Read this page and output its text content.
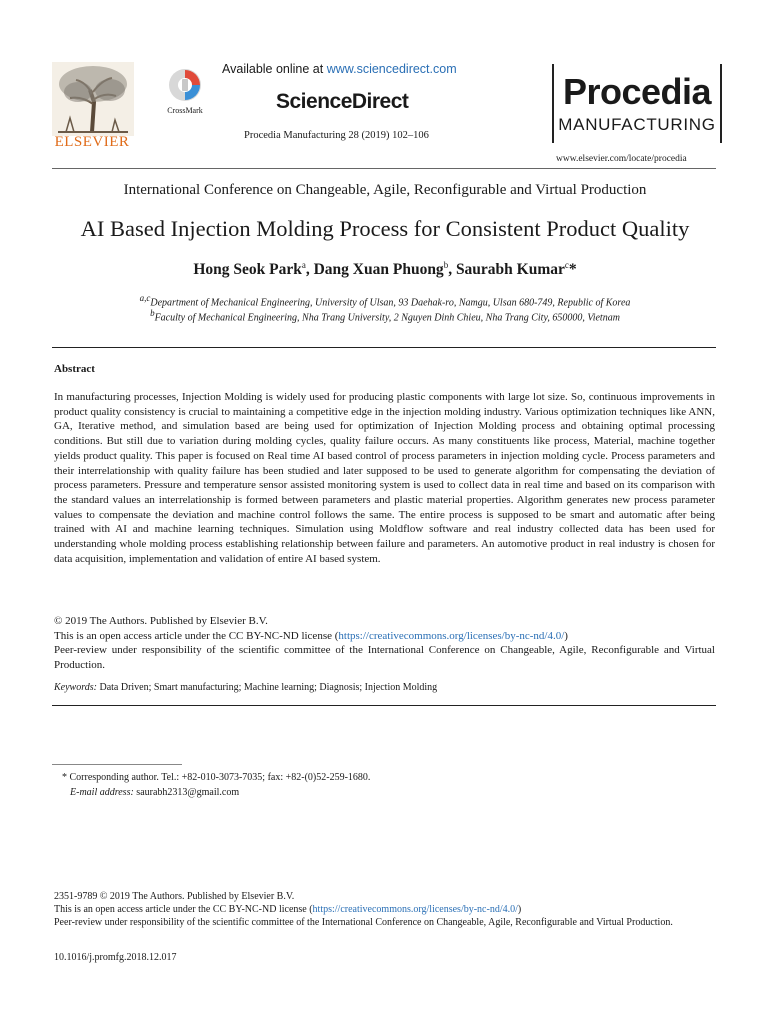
ELSEVIER
CrossMark
Available online at www.sciencedirect.com
ScienceDirect
Procedia Manufacturing 28 (2019) 102–106
Procedia
MANUFACTURING
www.elsevier.com/locate/procedia
International Conference on Changeable, Agile, Reconfigurable and Virtual Production
AI Based Injection Molding Process for Consistent Product Quality
Hong Seok Park$^a$, Dang Xuan Phuong$^b$, Saurabh Kumar$^c$*
$^{a,c}$Department of Mechanical Engineering, University of Ulsan, 93 Daehak-ro, Namgu, Ulsan 680-749, Republic of Korea
$^b$Faculty of Mechanical Engineering, Nha Trang University, 2 Nguyen Dinh Chieu, Nha Trang City, 650000, Vietnam
Abstract
In manufacturing processes, Injection Molding is widely used for producing plastic components with large lot size. So, continuous improvements in product quality consistency is crucial to maintaining a competitive edge in the injection molding industry. Various optimization techniques like ANN, GA, Iterative method, and simulation based are being used for optimization of Injection Molding process and obtaining optimal processing conditions. But still due to variation during molding cycles, quality failure occurs. As many constituents like process, Material, machine together yields product quality. This paper is focused on Real time AI based control of process parameters in injection molding cycle. Process parameters and their interrelationship with quality failure has been studied and later supposed to be used to generate algorithm for compensating the deviation of process parameters. Pressure and temperature sensor assisted monitoring system is used to collect data in real time and based on its comparison with the standard values an interrelationship is formed between parameters and plastic material properties. Algorithm generates new process parameter values to compensate the deviation and machine control follows the same. The entire process is supposed to be smart and automatic after being trained with AI and machine learning techniques. Simulation using Moldflow software and real industry collected data has been used for understanding whole molding process establishing relationship between failure and parameters. An automotive product in real industry is chosen for data acquisition, implementation and validation of entire AI based system.
© 2019 The Authors. Published by Elsevier B.V.
This is an open access article under the CC BY-NC-ND license (https://creativecommons.org/licenses/by-nc-nd/4.0/)
Peer-review under responsibility of the scientific committee of the International Conference on Changeable, Agile, Reconfigurable and Virtual Production.
Keywords: Data Driven; Smart manufacturing; Machine learning; Diagnosis; Injection Molding
* Corresponding author. Tel.: +82-010-3073-7035; fax: +82-(0)52-259-1680.
E-mail address: saurabh2313@gmail.com
2351-9789 © 2019 The Authors. Published by Elsevier B.V.
This is an open access article under the CC BY-NC-ND license (https://creativecommons.org/licenses/by-nc-nd/4.0/)
Peer-review under responsibility of the scientific committee of the International Conference on Changeable, Agile, Reconfigurable and Virtual Production.
10.1016/j.promfg.2018.12.017
